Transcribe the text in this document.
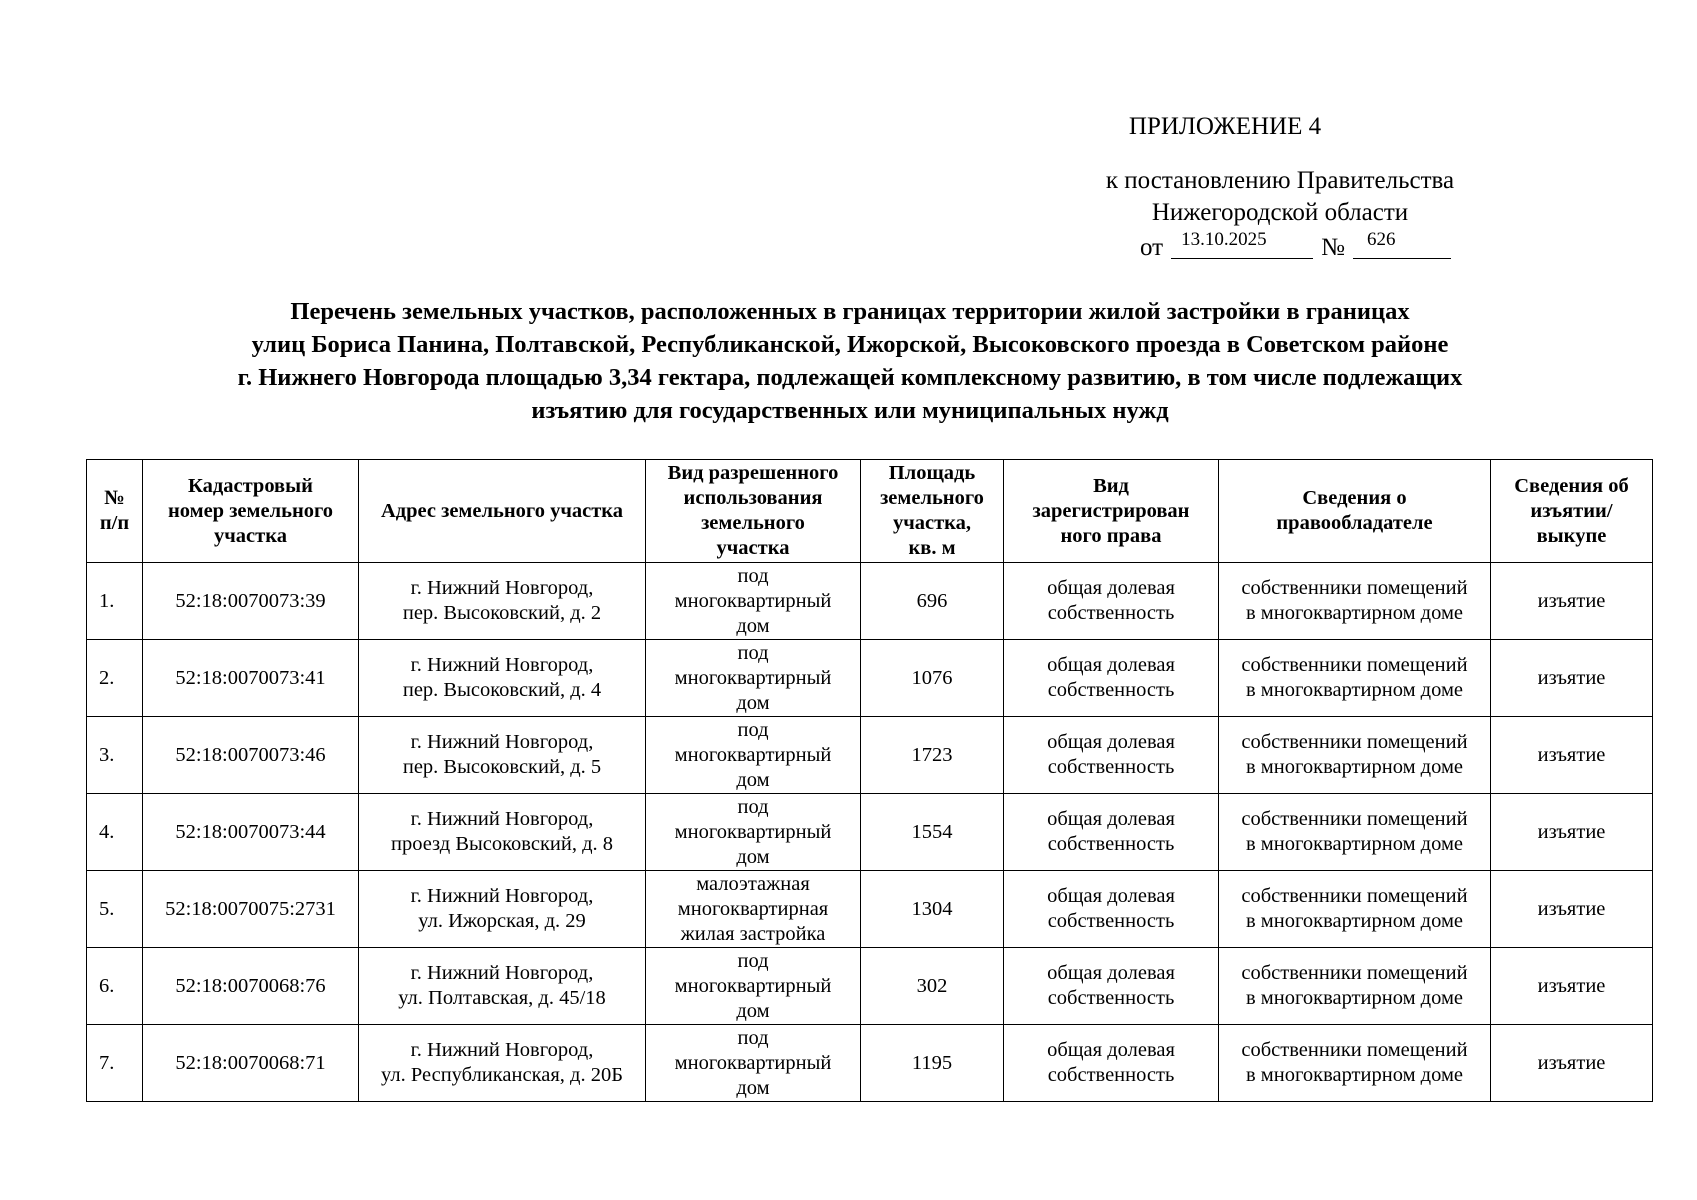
ПРИЛОЖЕНИЕ 4
к постановлению Правительства
Нижегородской области
от 13.10.2025 № 626
Перечень земельных участков, расположенных в границах территории жилой застройки в границах
улиц Бориса Панина, Полтавской, Республиканской, Ижорской, Высоковского проезда в Советском районе
г. Нижнего Новгорода площадью 3,34 гектара, подлежащей комплексному развитию, в том числе подлежащих
изъятию для государственных или муниципальных нужд
№
п/п	Кадастровый
номер земельного
участка	Адрес земельного участка	Вид разрешенного
использования
земельного
участка	Площадь
земельного
участка,
кв. м	Вид
зарегистрирован
ного права	Сведения о
правообладателе	Сведения об
изъятии/
выкупе

1.	52:18:0070073:39	г. Нижний Новгород,
пер. Высоковский, д. 2	под
многоквартирный
дом	696	общая долевая
собственность	собственники помещений
в многоквартирном доме	изъятие
2.	52:18:0070073:41	г. Нижний Новгород,
пер. Высоковский, д. 4	под
многоквартирный
дом	1076	общая долевая
собственность	собственники помещений
в многоквартирном доме	изъятие
3.	52:18:0070073:46	г. Нижний Новгород,
пер. Высоковский, д. 5	под
многоквартирный
дом	1723	общая долевая
собственность	собственники помещений
в многоквартирном доме	изъятие
4.	52:18:0070073:44	г. Нижний Новгород,
проезд Высоковский, д. 8	под
многоквартирный
дом	1554	общая долевая
собственность	собственники помещений
в многоквартирном доме	изъятие
5.	52:18:0070075:2731	г. Нижний Новгород,
ул. Ижорская, д. 29	малоэтажная
многоквартирная
жилая застройка	1304	общая долевая
собственность	собственники помещений
в многоквартирном доме	изъятие
6.	52:18:0070068:76	г. Нижний Новгород,
ул. Полтавская, д. 45/18	под
многоквартирный
дом	302	общая долевая
собственность	собственники помещений
в многоквартирном доме	изъятие
7.	52:18:0070068:71	г. Нижний Новгород,
ул. Республиканская, д. 20Б	под
многоквартирный
дом	1195	общая долевая
собственность	собственники помещений
в многоквартирном доме	изъятие
